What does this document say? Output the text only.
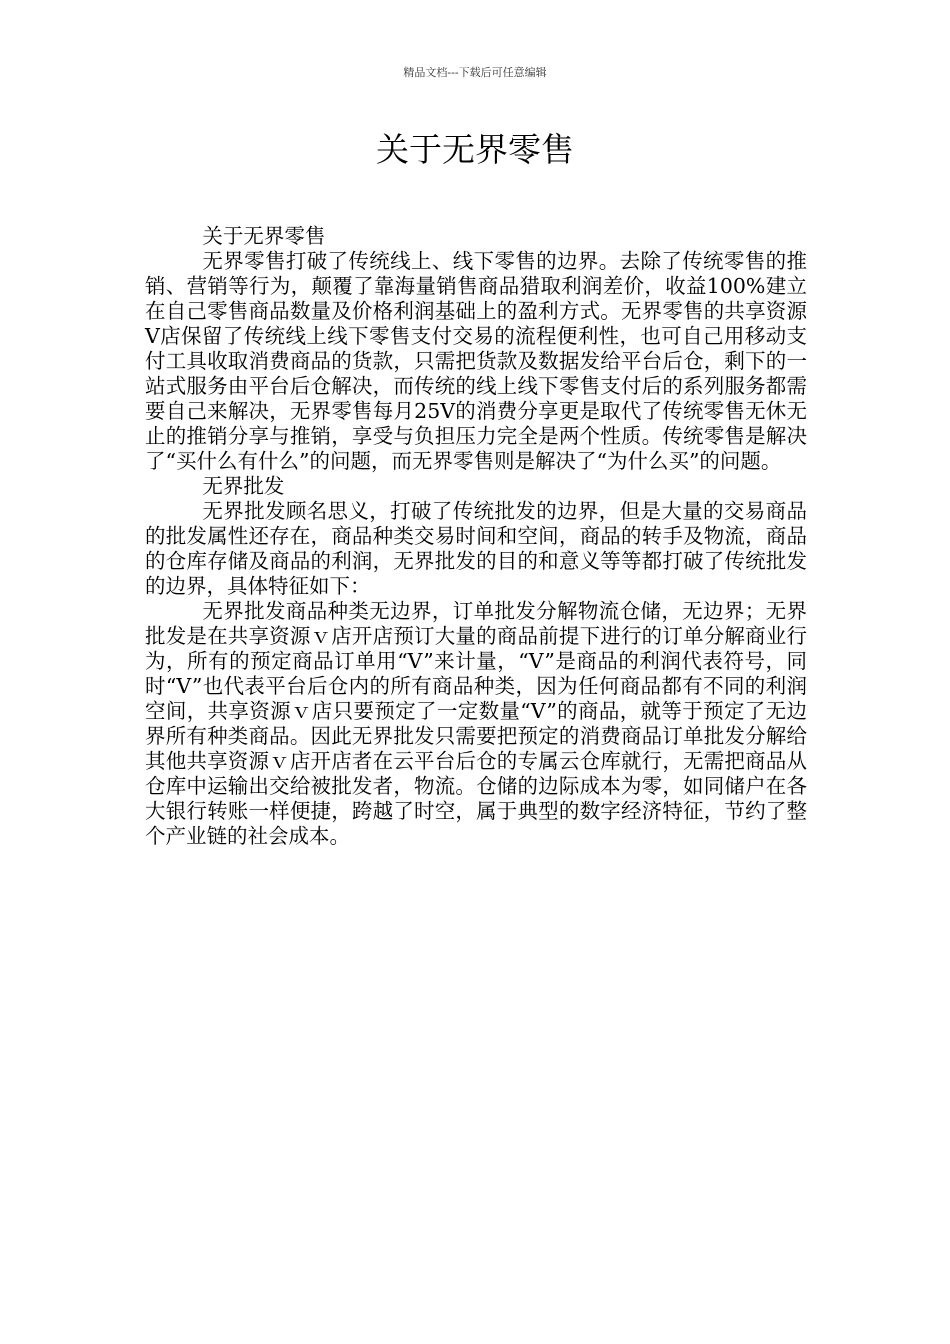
精品文档---下载后可任意编辑
关于无界零售

关于无界零售

无界零售打破了传统线上、线下零售的边界。去除了传统零售的推销、营销等行为，颠覆了靠海量销售商品猎取利润差价，收益100%建立在自己零售商品数量及价格利润基础上的盈利方式。无界零售的共享资源Ⅴ店保留了传统线上线下零售支付交易的流程便利性，也可自己用移动支付工具收取消费商品的货款，只需把货款及数据发给平台后仓，剩下的一站式服务由平台后仓解决，而传统的线上线下零售支付后的系列服务都需要自己来解决，无界零售每月25V的消费分享更是取代了传统零售无休无止的推销分享与推销，享受与负担压力完全是两个性质。传统零售是解决了“买什么有什么”的问题，而无界零售则是解决了“为什么买”的问题。

无界批发

无界批发顾名思义，打破了传统批发的边界，但是大量的交易商品的批发属性还存在，商品种类交易时间和空间，商品的转手及物流，商品的仓库存储及商品的利润，无界批发的目的和意义等等都打破了传统批发的边界，具体特征如下：

无界批发商品种类无边界，订单批发分解物流仓储，无边界；无界批发是在共享资源ｖ店开店预订大量的商品前提下进行的订单分解商业行为，所有的预定商品订单用“V”来计量，“V”是商品的利润代表符号，同时“V”也代表平台后仓内的所有商品种类，因为任何商品都有不同的利润空间，共享资源ｖ店只要预定了一定数量“V”的商品，就等于预定了无边界所有种类商品。因此无界批发只需要把预定的消费商品订单批发分解给其他共享资源ｖ店开店者在云平台后仓的专属云仓库就行，无需把商品从仓库中运输出交给被批发者，物流。仓储的边际成本为零，如同储户在各大银行转账一样便捷，跨越了时空，属于典型的数字经济特征，节约了整个产业链的社会成本。
